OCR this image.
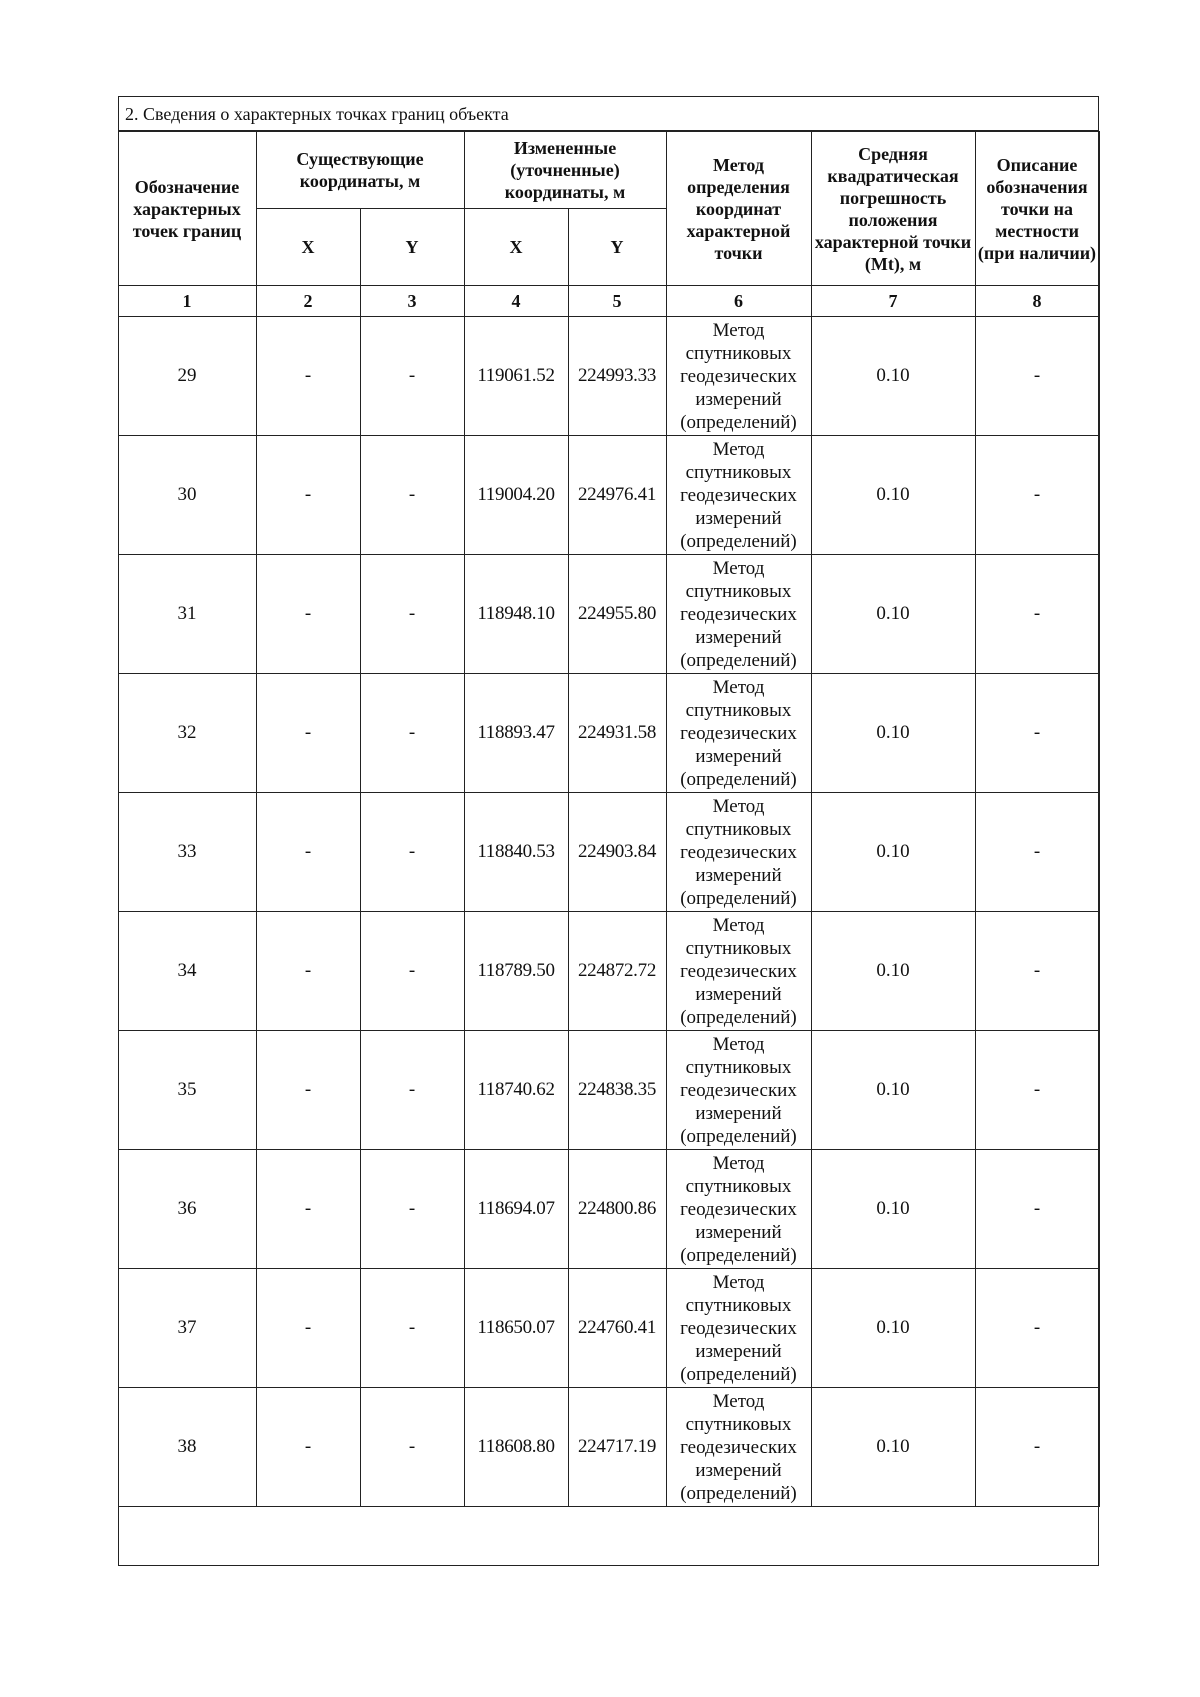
2. Сведения о характерных точках границ объекта
Обозначение характерных точек границ	Существующие координаты, м		Измененные (уточненные) координаты, м		Метод определения координат характерной точки	Средняя квадратическая погрешность положения характерной точки (Mt), м	Описание обозначения точки на местности (при наличии)
	X	Y	X	Y			
1	2	3	4	5	6	7	8
29	-	-	119061.52	224993.33	Метод спутниковых геодезических измерений (определений)	0.10	-
30	-	-	119004.20	224976.41	Метод спутниковых геодезических измерений (определений)	0.10	-
31	-	-	118948.10	224955.80	Метод спутниковых геодезических измерений (определений)	0.10	-
32	-	-	118893.47	224931.58	Метод спутниковых геодезических измерений (определений)	0.10	-
33	-	-	118840.53	224903.84	Метод спутниковых геодезических измерений (определений)	0.10	-
34	-	-	118789.50	224872.72	Метод спутниковых геодезических измерений (определений)	0.10	-
35	-	-	118740.62	224838.35	Метод спутниковых геодезических измерений (определений)	0.10	-
36	-	-	118694.07	224800.86	Метод спутниковых геодезических измерений (определений)	0.10	-
37	-	-	118650.07	224760.41	Метод спутниковых геодезических измерений (определений)	0.10	-
38	-	-	118608.80	224717.19	Метод спутниковых геодезических измерений (определений)	0.10	-
